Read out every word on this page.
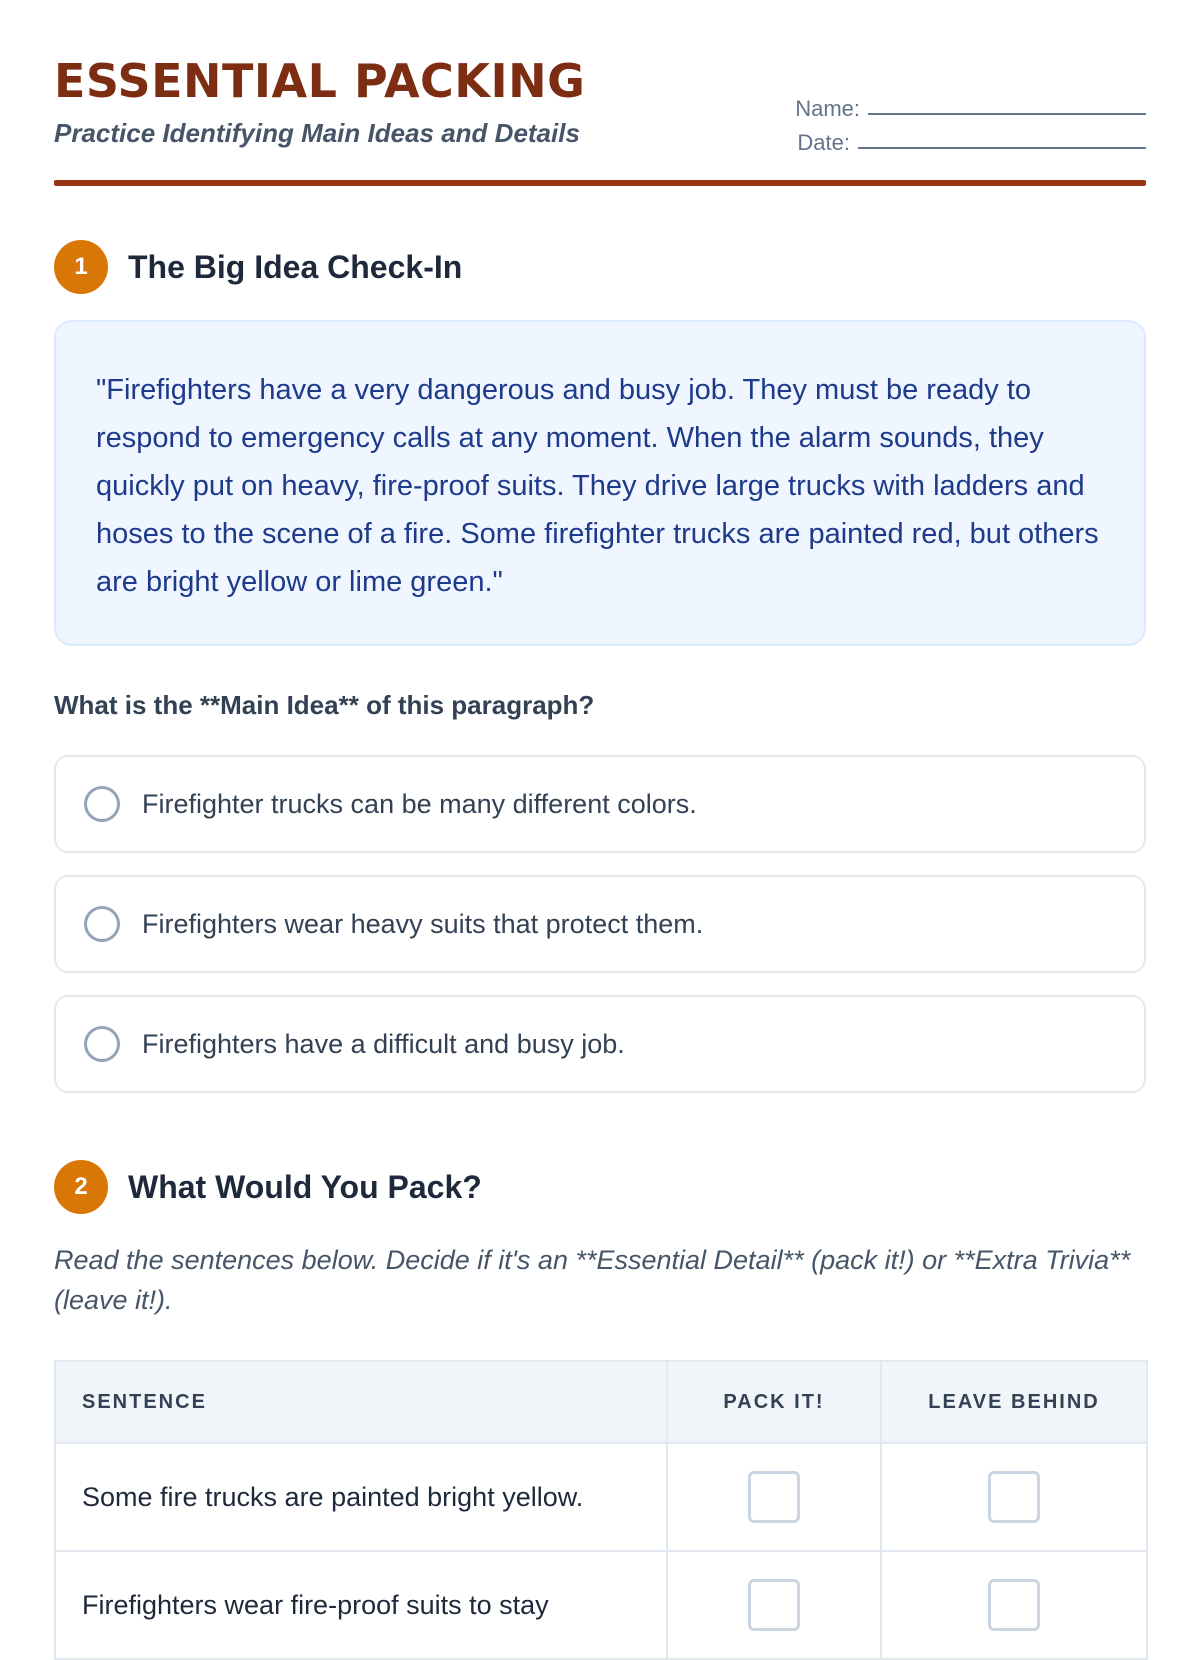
ESSENTIAL PACKING
Practice Identifying Main Ideas and Details
Name:
Date:
1	The Big Idea Check-In

"Firefighters have a very dangerous and busy job. They must be ready to respond to emergency calls at any moment. When the alarm sounds, they quickly put on heavy, fire-proof suits. They drive large trucks with ladders and hoses to the scene of a fire. Some firefighter trucks are painted red, but others are bright yellow or lime green."

What is the **Main Idea** of this paragraph?
Firefighter trucks can be many different colors.
Firefighters wear heavy suits that protect them.
Firefighters have a difficult and busy job.
2	What Would You Pack?
Read the sentences below. Decide if it's an **Essential Detail** (pack it!) or **Extra Trivia** (leave it!).
SENTENCE	PACK IT!	LEAVE BEHIND
Some fire trucks are painted bright yellow.		
Firefighters wear fire-proof suits to stay		
